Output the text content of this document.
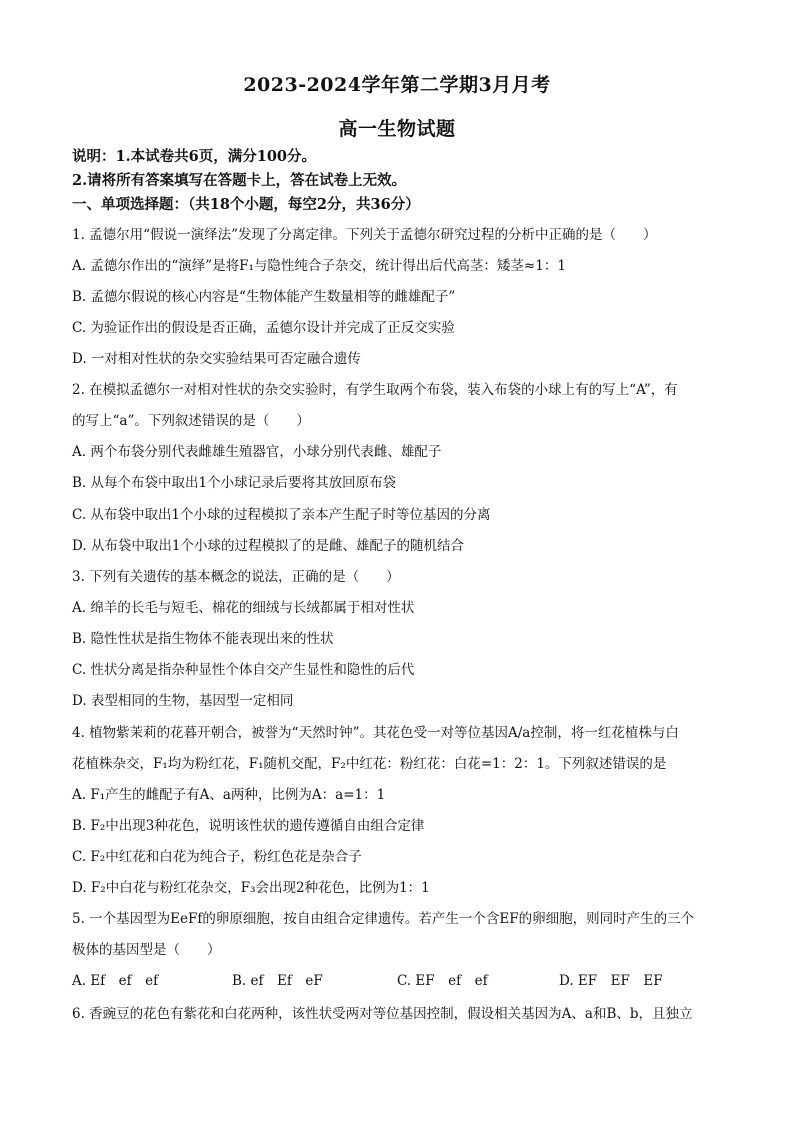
2023-2024学年第二学期3月月考
高一生物试题
说明：1.本试卷共6页，满分100分。
2.请将所有答案填写在答题卡上，答在试卷上无效。
一、单项选择题：（共18个小题，每空2分，共36分）
1. 孟德尔用“假说一演绎法”发现了分离定律。下列关于孟德尔研究过程的分析中正确的是（　　）
A. 孟德尔作出的“演绎”是将F₁与隐性纯合子杂交，统计得出后代高茎：矮茎≈1：1
B. 孟德尔假说的核心内容是“生物体能产生数量相等的雌雄配子”
C. 为验证作出的假设是否正确，孟德尔设计并完成了正反交实验
D. 一对相对性状的杂交实验结果可否定融合遗传
2. 在模拟孟德尔一对相对性状的杂交实验时，有学生取两个布袋，装入布袋的小球上有的写上“A”，有
的写上“a”。下列叙述错误的是（　　）
A. 两个布袋分别代表雌雄生殖器官，小球分别代表雌、雄配子
B. 从每个布袋中取出1个小球记录后要将其放回原布袋
C. 从布袋中取出1个小球的过程模拟了亲本产生配子时等位基因的分离
D. 从布袋中取出1个小球的过程模拟了的是雌、雄配子的随机结合
3. 下列有关遗传的基本概念的说法，正确的是（　　）
A. 绵羊的长毛与短毛、棉花的细绒与长绒都属于相对性状
B. 隐性性状是指生物体不能表现出来的性状
C. 性状分离是指杂种显性个体自交产生显性和隐性的后代
D. 表型相同的生物，基因型一定相同
4. 植物紫茉莉的花暮开朝合，被誉为“天然时钟”。其花色受一对等位基因A/a控制，将一红花植株与白
花植株杂交，F₁均为粉红花，F₁随机交配，F₂中红花：粉红花：白花=1：2：1。下列叙述错误的是
A. F₁产生的雌配子有A、a两种，比例为A：a=1：1
B. F₂中出现3种花色，说明该性状的遗传遵循自由组合定律
C. F₂中红花和白花为纯合子，粉红色花是杂合子
D. F₂中白花与粉红花杂交，F₃会出现2种花色，比例为1：1
5. 一个基因型为EeFf的卵原细胞，按自由组合定律遗传。若产生一个含EF的卵细胞，则同时产生的三个
极体的基因型是（　　）
A. Ef　ef　ef	B. ef　Ef　eF	C. EF　ef　ef	D. EF　EF　EF
6. 香豌豆的花色有紫花和白花两种，该性状受两对等位基因控制，假设相关基因为A、a和B、b，且独立
